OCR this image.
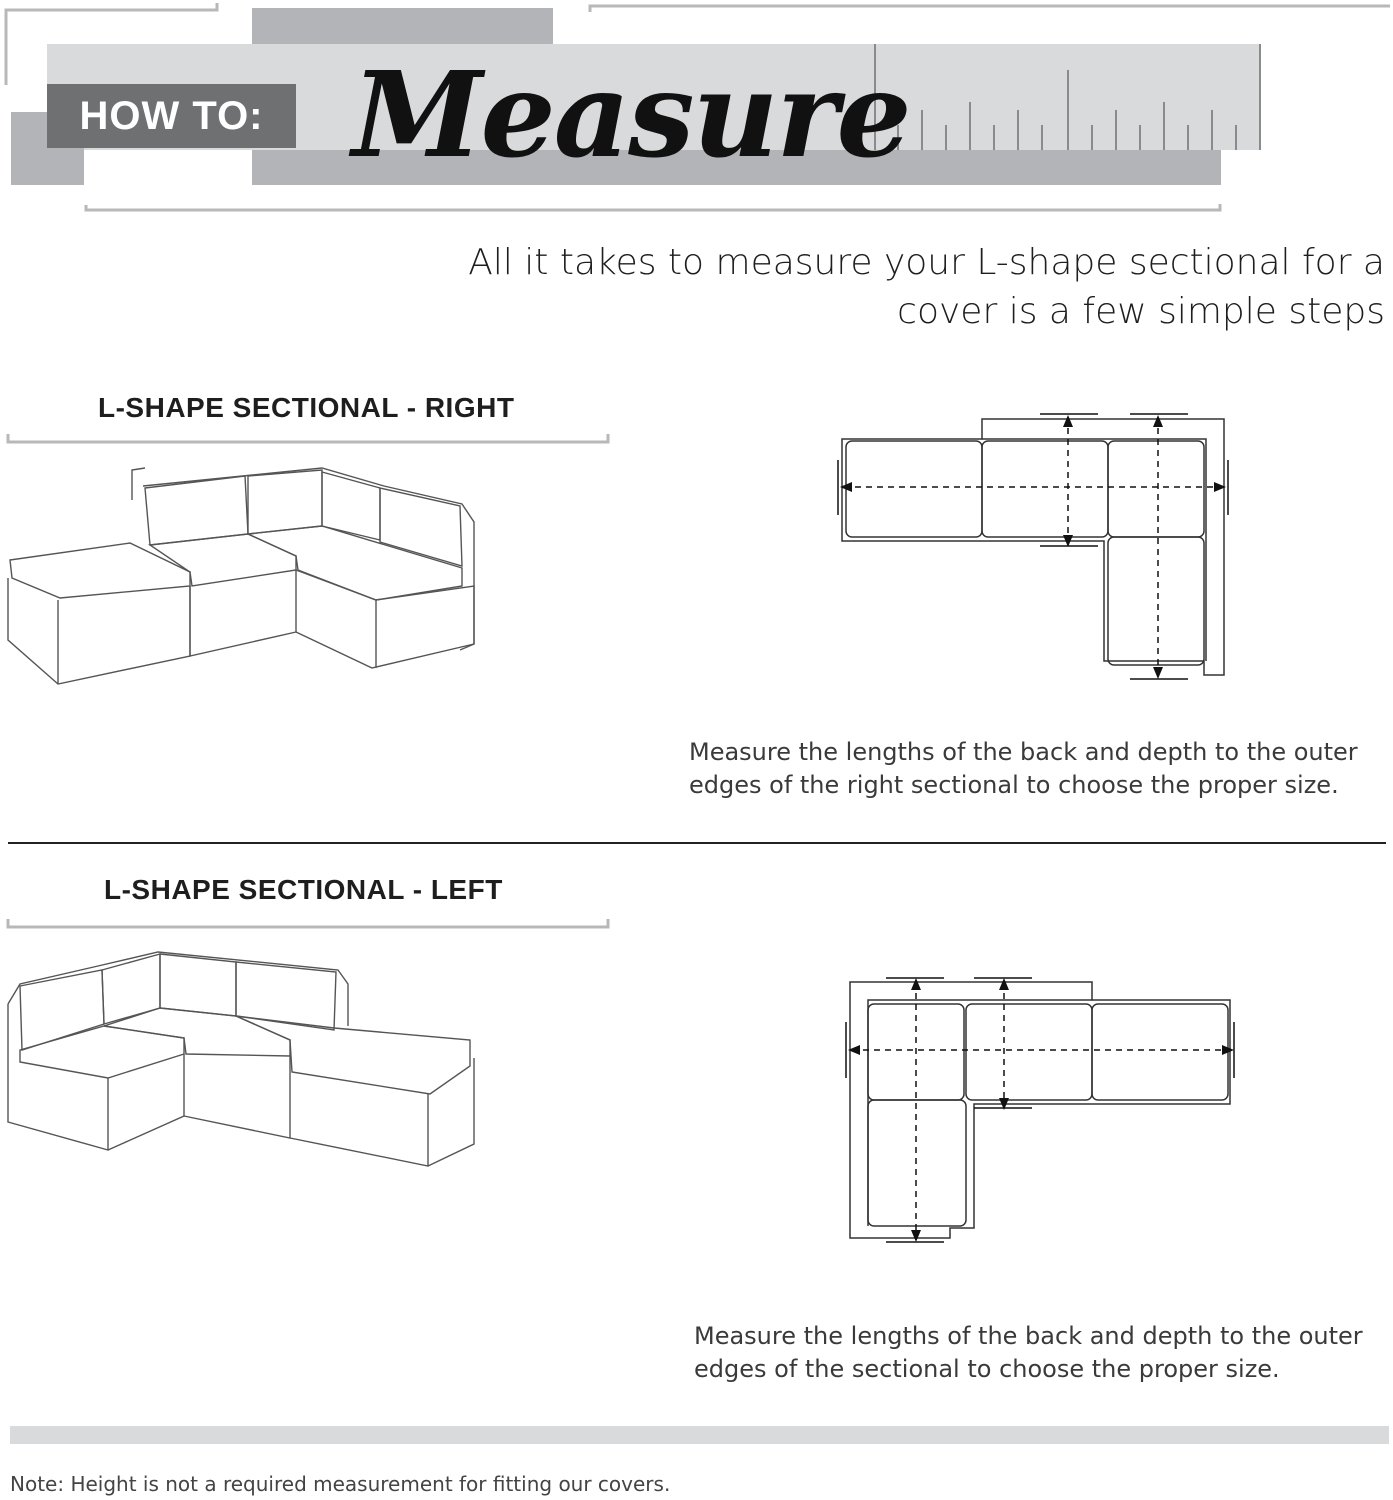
HOW TO: Measure
All it takes to measure your L-shape sectional for a
cover is a few simple steps
L-SHAPE SECTIONAL - RIGHT
Measure the lengths of the back and depth to the outer
edges of the right sectional to choose the proper size.
L-SHAPE SECTIONAL - LEFT
Measure the lengths of the back and depth to the outer
edges of the sectional to choose the proper size.
Note: Height is not a required measurement for fitting our covers.
